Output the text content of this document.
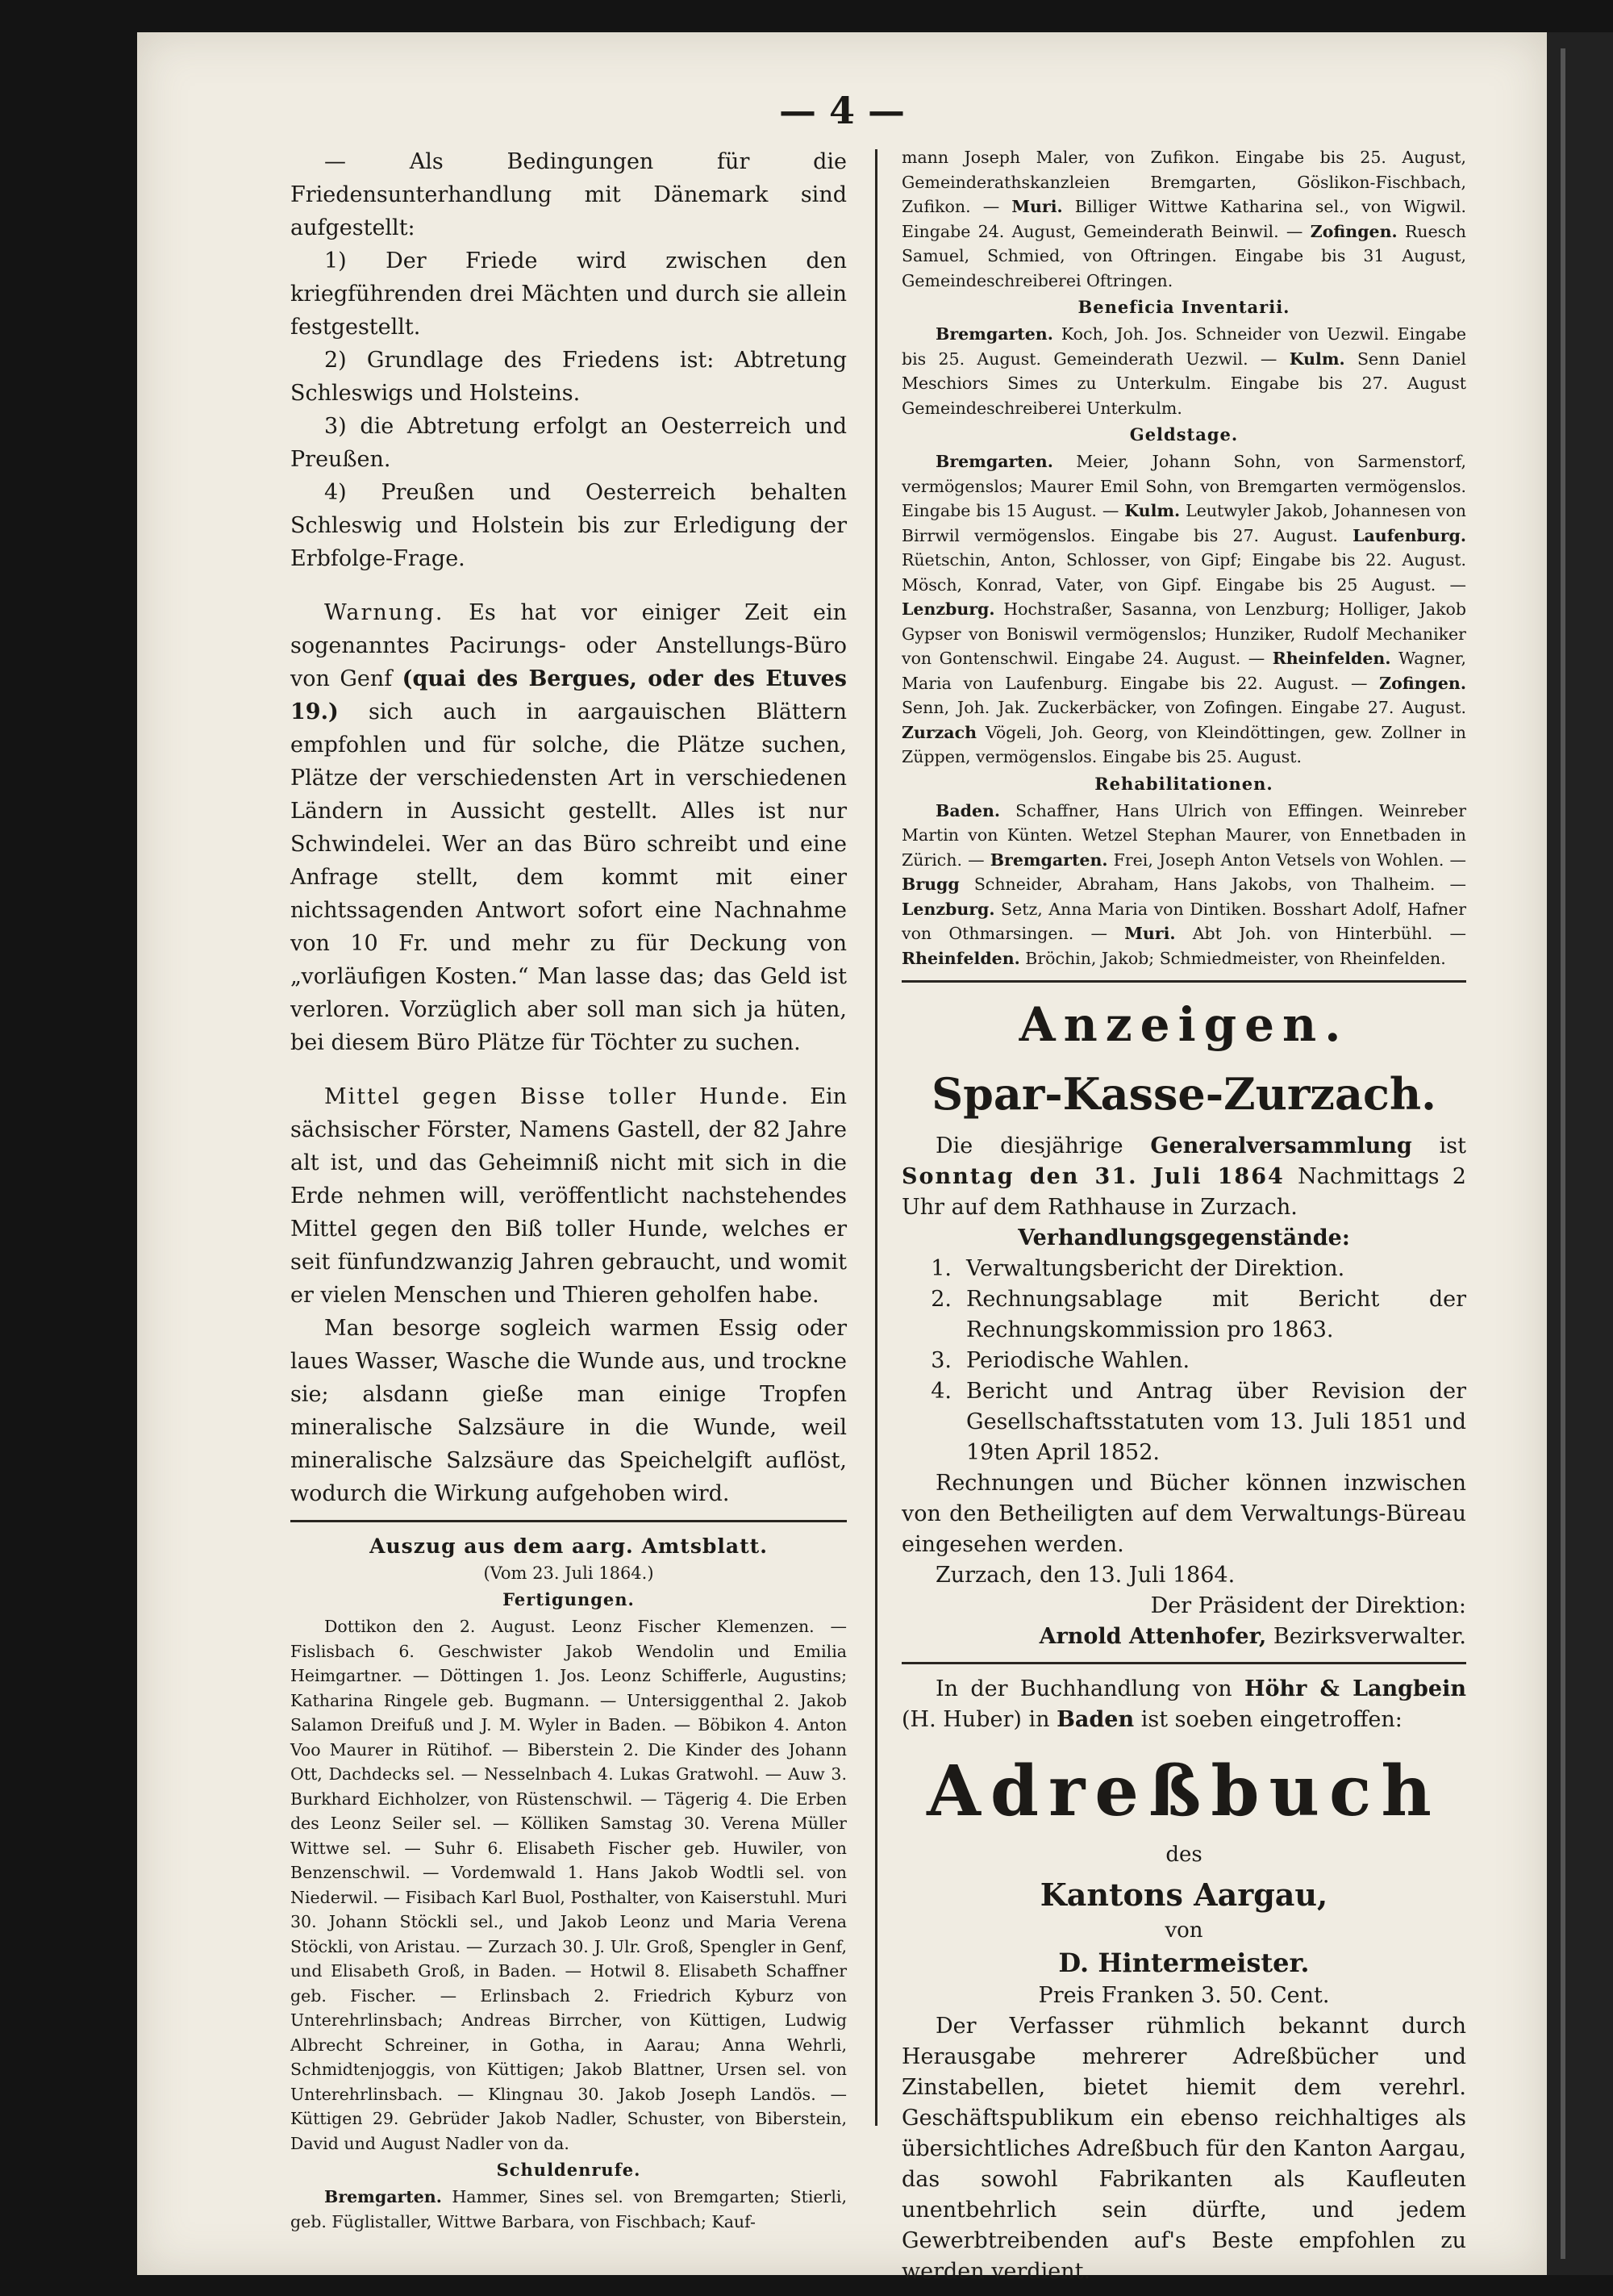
— 4 —

— Als Bedingungen für die Friedensunterhandlung mit Dänemark sind aufgestellt:

1) Der Friede wird zwischen den kriegführenden drei Mächten und durch sie allein festgestellt.

2) Grundlage des Friedens ist: Abtretung Schleswigs und Holsteins.

3) die Abtretung erfolgt an Oesterreich und Preußen.

4) Preußen und Oesterreich behalten Schleswig und Holstein bis zur Erledigung der Erbfolge-Frage.

Warnung. Es hat vor einiger Zeit ein sogenanntes Pacirungs- oder Anstellungs-Büro von Genf (quai des Bergues, oder des Etuves 19.) sich auch in aargauischen Blättern empfohlen und für solche, die Plätze suchen, Plätze der verschiedensten Art in verschiedenen Ländern in Aussicht gestellt. Alles ist nur Schwindelei. Wer an das Büro schreibt und eine Anfrage stellt, dem kommt mit einer nichtssagenden Antwort sofort eine Nachnahme von 10 Fr. und mehr zu für Deckung von „vorläufigen Kosten.“ Man lasse das; das Geld ist verloren. Vorzüglich aber soll man sich ja hüten, bei diesem Büro Plätze für Töchter zu suchen.

Mittel gegen Bisse toller Hunde. Ein sächsischer Förster, Namens Gastell, der 82 Jahre alt ist, und das Geheimniß nicht mit sich in die Erde nehmen will, veröffentlicht nachstehendes Mittel gegen den Biß toller Hunde, welches er seit fünfundzwanzig Jahren gebraucht, und womit er vielen Menschen und Thieren geholfen habe.

Man besorge sogleich warmen Essig oder laues Wasser, Wasche die Wunde aus, und trockne sie; alsdann gieße man einige Tropfen mineralische Salzsäure in die Wunde, weil mineralische Salzsäure das Speichelgift auflöst, wodurch die Wirkung aufgehoben wird.

Auszug aus dem aarg. Amtsblatt.
(Vom 23. Juli 1864.)
Fertigungen.

Dottikon den 2. August. Leonz Fischer Klemenzen. — Fislisbach 6. Geschwister Jakob Wendolin und Emilia Heimgartner. — Döttingen 1. Jos. Leonz Schifferle, Augustins; Katharina Ringele geb. Bugmann. — Untersiggenthal 2. Jakob Salamon Dreifuß und J. M. Wyler in Baden. — Böbikon 4. Anton Voo Maurer in Rütihof. — Biberstein 2. Die Kinder des Johann Ott, Dachdecks sel. — Nesselnbach 4. Lukas Gratwohl. — Auw 3. Burkhard Eichholzer, von Rüstenschwil. — Tägerig 4. Die Erben des Leonz Seiler sel. — Kölliken Samstag 30. Verena Müller Wittwe sel. — Suhr 6. Elisabeth Fischer geb. Huwiler, von Benzenschwil. — Vordemwald 1. Hans Jakob Wodtli sel. von Niederwil. — Fisibach Karl Buol, Posthalter, von Kaiserstuhl. Muri 30. Johann Stöckli sel., und Jakob Leonz und Maria Verena Stöckli, von Aristau. — Zurzach 30. J. Ulr. Groß, Spengler in Genf, und Elisabeth Groß, in Baden. — Hotwil 8. Elisabeth Schaffner geb. Fischer. — Erlinsbach 2. Friedrich Kyburz von Unterehrlinsbach; Andreas Birrcher, von Küttigen, Ludwig Albrecht Schreiner, in Gotha, in Aarau; Anna Wehrli, Schmidtenjoggis, von Küttigen; Jakob Blattner, Ursen sel. von Unterehrlinsbach. — Klingnau 30. Jakob Joseph Landös. — Küttigen 29. Gebrüder Jakob Nadler, Schuster, von Biberstein, David und August Nadler von da.

Schuldenrufe.

Bremgarten. Hammer, Sines sel. von Bremgarten; Stierli, geb. Füglistaller, Wittwe Barbara, von Fischbach; Kauf-

mann Joseph Maler, von Zufikon. Eingabe bis 25. August, Gemeinderathskanzleien Bremgarten, Göslikon-Fischbach, Zufikon. — Muri. Billiger Wittwe Katharina sel., von Wigwil. Eingabe 24. August, Gemeinderath Beinwil. — Zofingen. Ruesch Samuel, Schmied, von Oftringen. Eingabe bis 31 August, Gemeindeschreiberei Oftringen.

Beneficia Inventarii.

Bremgarten. Koch, Joh. Jos. Schneider von Uezwil. Eingabe bis 25. August. Gemeinderath Uezwil. — Kulm. Senn Daniel Meschiors Simes zu Unterkulm. Eingabe bis 27. August Gemeindeschreiberei Unterkulm.

Geldstage.

Bremgarten. Meier, Johann Sohn, von Sarmenstorf, vermögenslos; Maurer Emil Sohn, von Bremgarten vermögenslos. Eingabe bis 15 August. — Kulm. Leutwyler Jakob, Johannesen von Birrwil vermögenslos. Eingabe bis 27. August. Laufenburg. Rüetschin, Anton, Schlosser, von Gipf; Eingabe bis 22. August. Mösch, Konrad, Vater, von Gipf. Eingabe bis 25 August. — Lenzburg. Hochstraßer, Sasanna, von Lenzburg; Holliger, Jakob Gypser von Boniswil vermögenslos; Hunziker, Rudolf Mechaniker von Gontenschwil. Eingabe 24. August. — Rheinfelden. Wagner, Maria von Laufenburg. Eingabe bis 22. August. — Zofingen. Senn, Joh. Jak. Zuckerbäcker, von Zofingen. Eingabe 27. August. Zurzach Vögeli, Joh. Georg, von Kleindöttingen, gew. Zollner in Züppen, vermögenslos. Eingabe bis 25. August.

Rehabilitationen.

Baden. Schaffner, Hans Ulrich von Effingen. Weinreber Martin von Künten. Wetzel Stephan Maurer, von Ennetbaden in Zürich. — Bremgarten. Frei, Joseph Anton Vetsels von Wohlen. — Brugg Schneider, Abraham, Hans Jakobs, von Thalheim. — Lenzburg. Setz, Anna Maria von Dintiken. Bosshart Adolf, Hafner von Othmarsingen. — Muri. Abt Joh. von Hinterbühl. — Rheinfelden. Bröchin, Jakob; Schmiedmeister, von Rheinfelden.

Anzeigen.
Spar-Kasse-Zurzach.

Die diesjährige Generalversammlung ist Sonntag den 31. Juli 1864 Nachmittags 2 Uhr auf dem Rathhause in Zurzach.

Verhandlungsgegenstände:
1. Verwaltungsbericht der Direktion.
2. Rechnungsablage mit Bericht der Rechnungskommission pro 1863.
3. Periodische Wahlen.
4. Bericht und Antrag über Revision der Gesellschaftsstatuten vom 13. Juli 1851 und 19ten April 1852.

Rechnungen und Bücher können inzwischen von den Betheiligten auf dem Verwaltungs-Büreau eingesehen werden.

Zurzach, den 13. Juli 1864.

Der Präsident der Direktion:

Arnold Attenhofer, Bezirksverwalter.

In der Buchhandlung von Höhr & Langbein (H. Huber) in Baden ist soeben eingetroffen:

Adreßbuch
des
Kantons Aargau,
von
D. Hintermeister.
Preis Franken 3. 50. Cent.

Der Verfasser rühmlich bekannt durch Herausgabe mehrerer Adreßbücher und Zinstabellen, bietet hiemit dem verehrl. Geschäftspublikum ein ebenso reichhaltiges als übersichtliches Adreßbuch für den Kanton Aargau, das sowohl Fabrikanten als Kaufleuten unentbehrlich sein dürfte, und jedem Gewerbtreibenden auf's Beste empfohlen zu werden verdient.
